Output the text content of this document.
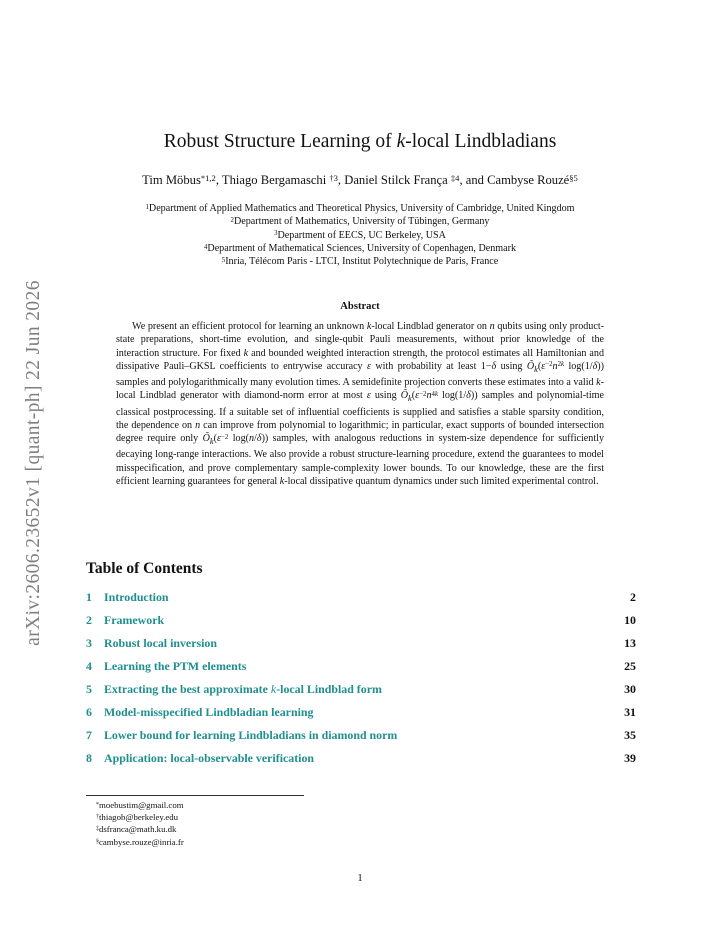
arXiv:2606.23652v1 [quant-ph] 22 Jun 2026
Robust Structure Learning of k-local Lindbladians
Tim Möbus$^{*1,2}$, Thiago Bergamaschi $^{\dagger 3}$, Daniel Stilck França $^{\ddagger 4}$, and Cambyse Rouzé$^{\S 5}$
$^1$Department of Applied Mathematics and Theoretical Physics, University of Cambridge, United Kingdom
$^2$Department of Mathematics, University of Tübingen, Germany
$^3$Department of EECS, UC Berkeley, USA
$^4$Department of Mathematical Sciences, University of Copenhagen, Denmark
$^5$Inria, Télécom Paris - LTCI, Institut Polytechnique de Paris, France
Abstract
We present an efficient protocol for learning an unknown k-local Lindblad generator on n qubits using only product-state preparations, short-time evolution, and single-qubit Pauli measurements, without prior knowledge of the interaction structure. For fixed k and bounded weighted interaction strength, the protocol estimates all Hamiltonian and dissipative Pauli–GKSL coefficients to entrywise accuracy ε with probability at least 1−δ using $Õ_k(\varepsilon^{-2}n^{2k}$ log(1/δ)) samples and polylogarithmically many evolution times. A semidefinite projection converts these estimates into a valid k-local Lindblad generator with diamond-norm error at most ε using $Õ_k(\varepsilon^{-2}n^{4k}$ log(1/δ)) samples and polynomial-time classical postprocessing. If a suitable set of influential coefficients is supplied and satisfies a stable sparsity condition, the dependence on n can improve from polynomial to logarithmic; in particular, exact supports of bounded intersection degree require only $Õ_k(\varepsilon^{-2}$ log(n/δ)) samples, with analogous reductions in system-size dependence for sufficiently decaying long-range interactions. We also provide a robust structure-learning procedure, extend the guarantees to model misspecification, and prove complementary sample-complexity lower bounds. To our knowledge, these are the first efficient learning guarantees for general k-local dissipative quantum dynamics under such limited experimental control.
Table of Contents
1	Introduction	2
2	Framework	10
3	Robust local inversion	13
4	Learning the PTM elements	25
5	Extracting the best approximate k-local Lindblad form	30
6	Model-misspecified Lindbladian learning	31
7	Lower bound for learning Lindbladians in diamond norm	35
8	Application: local-observable verification	39
*moebustim@gmail.com
†thiagob@berkeley.edu
‡dsfranca@math.ku.dk
§cambyse.rouze@inria.fr
1
